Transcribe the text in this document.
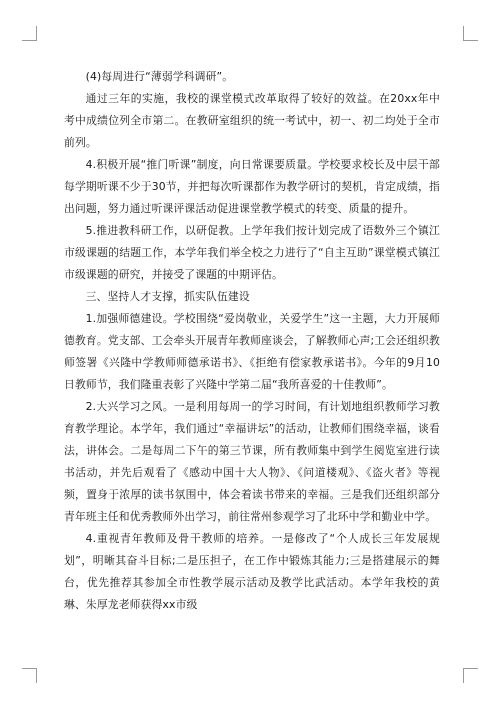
(4)每周进行“薄弱学科调研”。

通过三年的实施，我校的课堂模式改革取得了较好的效益。在20xx年中考中成绩位列全市第二。在教研室组织的统一考试中，初一、初二均处于全市前列。

4.积极开展“推门听课”制度，向日常课要质量。学校要求校长及中层干部每学期听课不少于30节，并把每次听课都作为教学研讨的契机，肯定成绩，指出问题，努力通过听课评课活动促进课堂教学模式的转变、质量的提升。

5.推进教科研工作，以研促教。上学年我们按计划完成了语数外三个镇江市级课题的结题工作，本学年我们举全校之力进行了“自主互助”课堂模式镇江市级课题的研究，并接受了课题的中期评估。

三、坚持人才支撑，抓实队伍建设

1.加强师德建设。学校围绕“爱岗敬业，关爱学生”这一主题，大力开展师德教育。党支部、工会牵头开展青年教师座谈会，了解教师心声;工会还组织教师签署《兴隆中学教师师德承诺书》、《拒绝有偿家教承诺书》。今年的9月10日教师节，我们隆重表彰了兴隆中学第二届“我所喜爱的十佳教师”。

2.大兴学习之风。一是利用每周一的学习时间，有计划地组织教师学习教育教学理论。本学年，我们通过“幸福讲坛”的活动，让教师们围绕幸福，谈看法，讲体会。二是每周二下午的第三节课，所有教师集中到学生阅览室进行读书活动，并先后观看了《感动中国十大人物》、《问道楼观》、《盗火者》等视频，置身于浓厚的读书氛围中，体会着读书带来的幸福。三是我们还组织部分青年班主任和优秀教师外出学习，前往常州参观学习了北环中学和勤业中学。

4.重视青年教师及骨干教师的培养。一是修改了“个人成长三年发展规划”，明晰其奋斗目标;二是压担子，在工作中锻炼其能力;三是搭建展示的舞台，优先推荐其参加全市性教学展示活动及教学比武活动。本学年我校的黄琳、朱厚龙老师获得xx市级
